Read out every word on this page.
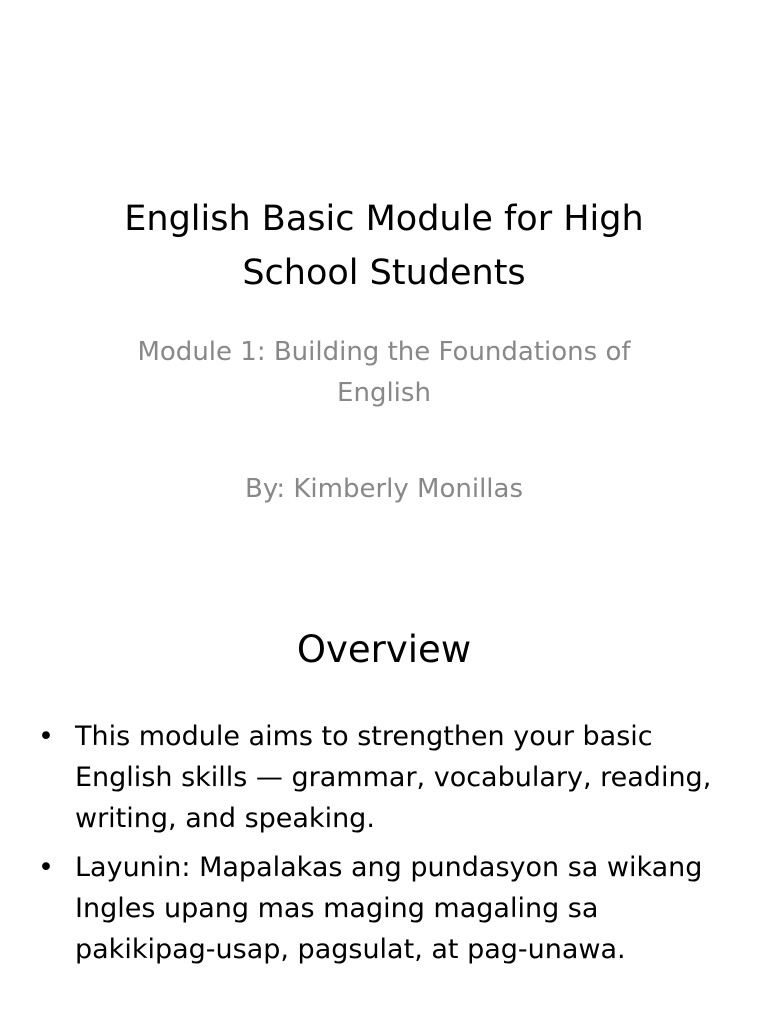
English Basic Module for High School Students
Module 1: Building the Foundations of English
By: Kimberly Monillas
Overview
• This module aims to strengthen your basic English skills — grammar, vocabulary, reading, writing, and speaking.
• Layunin: Mapalakas ang pundasyon sa wikang Ingles upang mas maging magaling sa pakikipag-usap, pagsulat, at pag-unawa.
